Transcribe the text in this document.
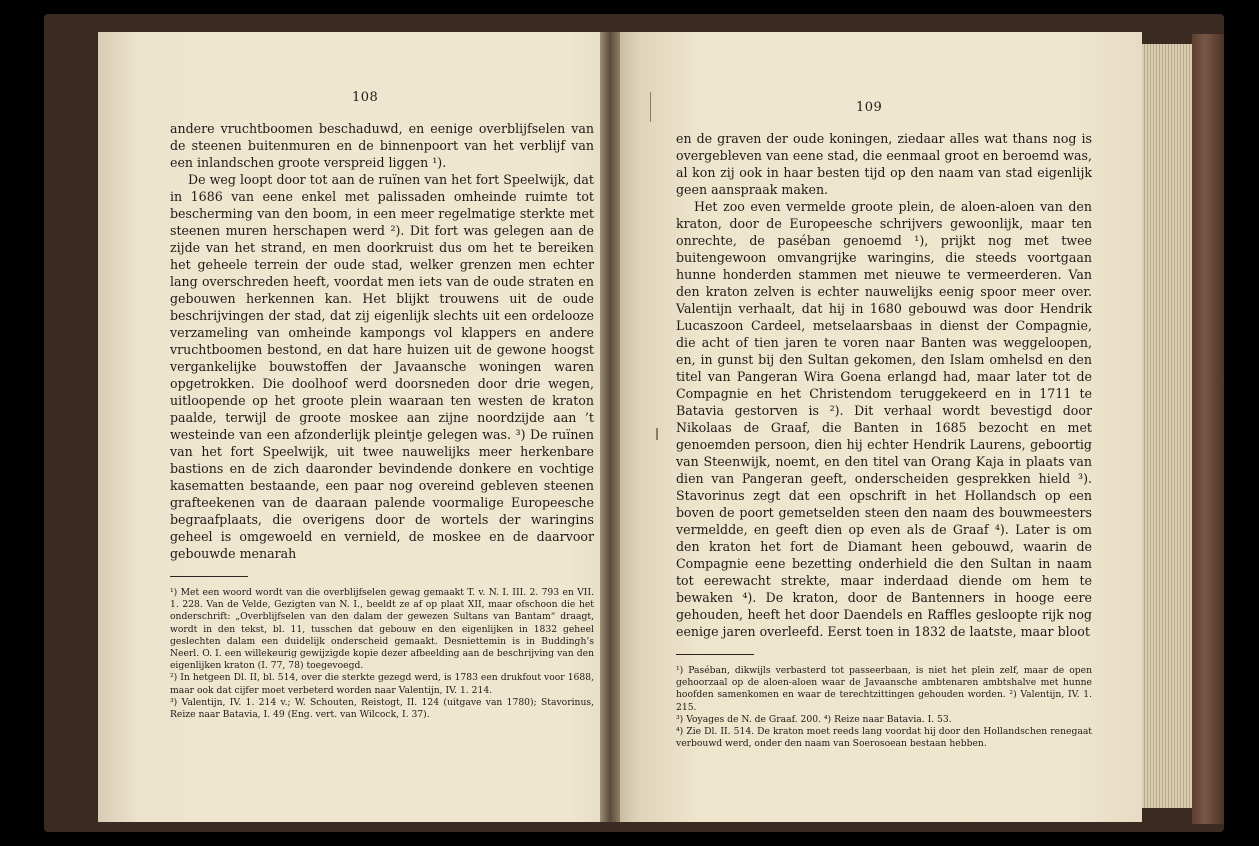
108

andere vruchtboomen beschaduwd, en eenige overblijfselen van de steenen buitenmuren en de binnenpoort van het verblijf van een inlandschen groote verspreid liggen ¹).

De weg loopt door tot aan de ruïnen van het fort Speelwijk, dat in 1686 van eene enkel met palissaden omheinde ruimte tot bescherming van den boom, in een meer regelmatige sterkte met steenen muren herschapen werd ²). Dit fort was gelegen aan de zijde van het strand, en men doorkruist dus om het te bereiken het geheele terrein der oude stad, welker grenzen men echter lang overschreden heeft, voordat men iets van de oude straten en gebouwen herkennen kan. Het blijkt trouwens uit de oude beschrijvingen der stad, dat zij eigenlijk slechts uit een ordelooze verzameling van omheinde kampongs vol klappers en andere vruchtboomen bestond, en dat hare huizen uit de gewone hoogst vergankelijke bouwstoffen der Javaansche woningen waren opgetrokken. Die doolhoof werd doorsneden door drie wegen, uitloopende op het groote plein waaraan ten westen de kraton paalde, terwijl de groote moskee aan zijne noordzijde aan ’t westeinde van een afzonderlijk pleintje gelegen was. ³) De ruïnen van het fort Speelwijk, uit twee nauwelijks meer herkenbare bastions en de zich daaronder bevindende donkere en vochtige kasematten bestaande, een paar nog overeind gebleven steenen grafteekenen van de daaraan palende voormalige Europeesche begraafplaats, die overigens door de wortels der waringins geheel is omgewoeld en vernield, de moskee en de daarvoor gebouwde menarah

¹) Met een woord wordt van die overblijfselen gewag gemaakt T. v. N. I. III. 2. 793 en VII. 1. 228. Van de Velde, Gezigten van N. I., beeldt ze af op plaat XII, maar ofschoon die het onderschrift: „Overblijfselen van den dalam der gewezen Sultans van Bantam“ draagt, wordt in den tekst, bl. 11, tusschen dat gebouw en den eigenlijken in 1832 geheel geslechten dalam een duidelijk onderscheid gemaakt. Desniettemin is in Buddingh’s Neerl. O. I. een willekeurig gewijzigde kopie dezer afbeelding aan de beschrijving van den eigenlijken kraton (I. 77, 78) toegevoegd.

²) In hetgeen Dl. II, bl. 514, over die sterkte gezegd werd, is 1783 een drukfout voor 1688, maar ook dat cijfer moet verbeterd worden naar Valentijn, IV. 1. 214.

³) Valentijn, IV. 1. 214 v.; W. Schouten, Reistogt, II. 124 (uitgave van 1780); Stavorinus, Reize naar Batavia, I. 49 (Eng. vert. van Wilcock, I. 37).

109

en de graven der oude koningen, ziedaar alles wat thans nog is overgebleven van eene stad, die eenmaal groot en beroemd was, al kon zij ook in haar besten tijd op den naam van stad eigenlijk geen aanspraak maken.

Het zoo even vermelde groote plein, de aloen-aloen van den kraton, door de Europeesche schrijvers gewoonlijk, maar ten onrechte, de paséban genoemd ¹), prijkt nog met twee buitengewoon omvangrijke waringins, die steeds voortgaan hunne honderden stammen met nieuwe te vermeerderen. Van den kraton zelven is echter nauwelijks eenig spoor meer over. Valentijn verhaalt, dat hij in 1680 gebouwd was door Hendrik Lucaszoon Cardeel, metselaarsbaas in dienst der Compagnie, die acht of tien jaren te voren naar Banten was weggeloopen, en, in gunst bij den Sultan gekomen, den Islam omhelsd en den titel van Pangeran Wira Goena erlangd had, maar later tot de Compagnie en het Christendom teruggekeerd en in 1711 te Batavia gestorven is ²). Dit verhaal wordt bevestigd door Nikolaas de Graaf, die Banten in 1685 bezocht en met genoemden persoon, dien hij echter Hendrik Laurens, geboortig van Steenwijk, noemt, en den titel van Orang Kaja in plaats van dien van Pangeran geeft, onderscheiden gesprekken hield ³). Stavorinus zegt dat een opschrift in het Hollandsch op een boven de poort gemetselden steen den naam des bouwmeesters vermeldde, en geeft dien op even als de Graaf ⁴). Later is om den kraton het fort de Diamant heen gebouwd, waarin de Compagnie eene bezetting onderhield die den Sultan in naam tot eerewacht strekte, maar inderdaad diende om hem te bewaken ⁴). De kraton, door de Bantenners in hooge eere gehouden, heeft het door Daendels en Raffles gesloopte rijk nog eenige jaren overleefd. Eerst toen in 1832 de laatste, maar bloot

¹) Paséban, dikwijls verbasterd tot passeerbaan, is niet het plein zelf, maar de open gehoorzaal op de aloen-aloen waar de Javaansche ambtenaren ambtshalve met hunne hoofden samenkomen en waar de terechtzittingen gehouden worden. ²) Valentijn, IV. 1. 215.

³) Voyages de N. de Graaf. 200. ⁴) Reize naar Batavia. I. 53.

⁴) Zie Dl. II. 514. De kraton moet reeds lang voordat hij door den Hollandschen renegaat verbouwd werd, onder den naam van Soerosoean bestaan hebben.
